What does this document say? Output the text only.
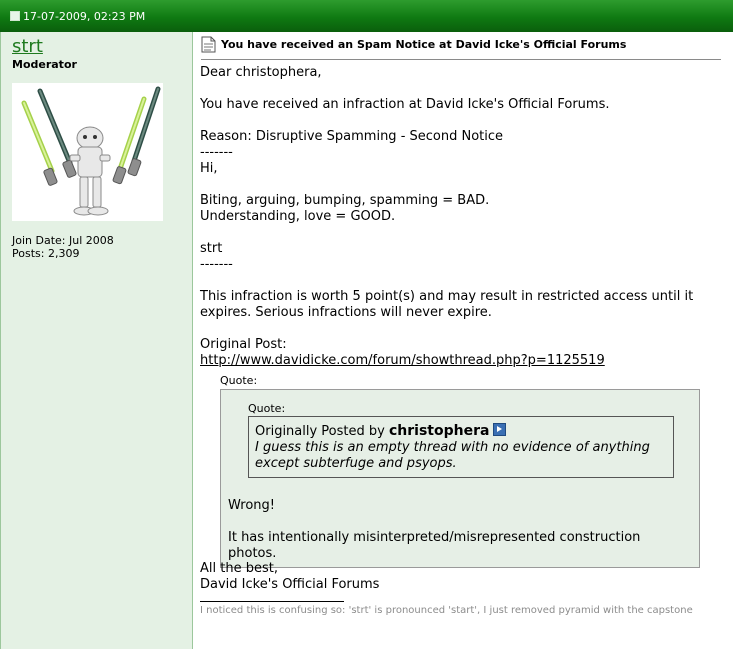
17-07-2009, 02:23 PM
strt
Moderator
Join Date: Jul 2008
Posts: 2,309
You have received an Spam Notice at David Icke's Official Forums

Dear christophera,

You have received an infraction at David Icke's Official Forums.

Reason: Disruptive Spamming - Second Notice

-------

Hi,

Biting, arguing, bumping, spamming = BAD.

Understanding, love = GOOD.

strt

-------

This infraction is worth 5 point(s) and may result in restricted access until it expires. Serious infractions will never expire.

Original Post:

http://www.davidicke.com/forum/showthread.php?p=1125519

Quote:
Quote:
Originally Posted by christophera
I guess this is an empty thread with no evidence of anything except subterfuge and psyops.
Wrong!
It has intentionally misinterpreted/misrepresented construction photos.
All the best,
David Icke's Official Forums
I noticed this is confusing so: 'strt' is pronounced 'start', I just removed pyramid with the capstone
